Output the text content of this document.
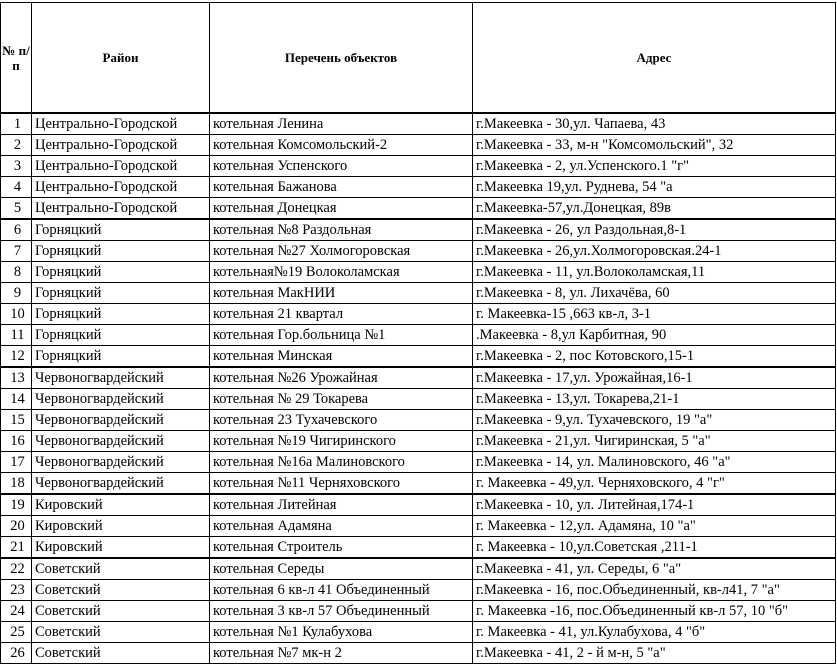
№ п/п	Район	Перечень объектов	Адрес
1	Центрально-Городской	котельная Ленина	г.Макеевка - 30,ул. Чапаева, 43
2	Центрально-Городской	котельная Комсомольский-2	г.Макеевка - 33, м-н "Комсомольский", 32
3	Центрально-Городской	котельная Успенского	г.Макеевка - 2, ул.Успенского.1 "г"
4	Центрально-Городской	котельная Бажанова	г.Макеевка 19,ул. Руднева, 54 "а
5	Центрально-Городской	котельная Донецкая	г.Макеевка-57,ул.Донецкая, 89в
6	Горняцкий	котельная №8 Раздольная	г.Макеевка - 26, ул Раздольная,8-1
7	Горняцкий	котельная №27 Холмогоровская	г.Макеевка - 26,ул.Холмогоровская.24-1
8	Горняцкий	котельная№19 Волоколамская	г.Макеевка - 11, ул.Волоколамская,11
9	Горняцкий	котельная МакНИИ	г.Макеевка - 8, ул. Лихачёва, 60
10	Горняцкий	котельная 21 квартал	г. Макеевка-15 ,663 кв-л, 3-1
11	Горняцкий	котельная Гор.больница №1	.Макеевка - 8,ул Карбитная, 90
12	Горняцкий	котельная Минская	г.Макеевка - 2, пос Котовского,15-1
13	Червоногвардейский	котельная №26 Урожайная	г.Макеевка - 17,ул. Урожайная,16-1
14	Червоногвардейский	котельная № 29 Токарева	г.Макеевка - 13,ул. Токарева,21-1
15	Червоногвардейский	котельная 23 Тухачевского	г.Макеевка - 9,ул. Тухачевского, 19 "а"
16	Червоногвардейский	котельная №19 Чигиринского	г.Макеевка - 21,ул. Чигиринская, 5 "а"
17	Червоногвардейский	котельная №16а Малиновского	г.Макеевка - 14, ул. Малиновского, 46 "а"
18	Червоногвардейский	котельная №11 Черняховского	г. Макеевка - 49,ул. Черняховского, 4 "г"
19	Кировский	котельная Литейная	г.Макеевка - 10, ул. Литейная,174-1
20	Кировский	котельная Адамяна	г. Макеевка - 12,ул. Адамяна, 10 "а"
21	Кировский	котельная Строитель	г. Макеевка - 10,ул.Советская ,211-1
22	Советский	котельная Середы	г.Макеевка - 41, ул. Середы, 6 "а"
23	Советский	котельная 6 кв-л 41 Объединенный	г.Макеевка - 16, пос.Объединенный, кв-л41, 7 "а"
24	Советский	котельная 3 кв-л 57 Объединенный	г. Макеевка -16, пос.Объединенный кв-л 57, 10 "б"
25	Советский	котельная №1 Кулабухова	г. Макеевка - 41, ул.Кулабухова, 4 "б"
26	Советский	котельная №7 мк-н 2	г.Макеевка - 41, 2 - й м-н, 5 "а"
